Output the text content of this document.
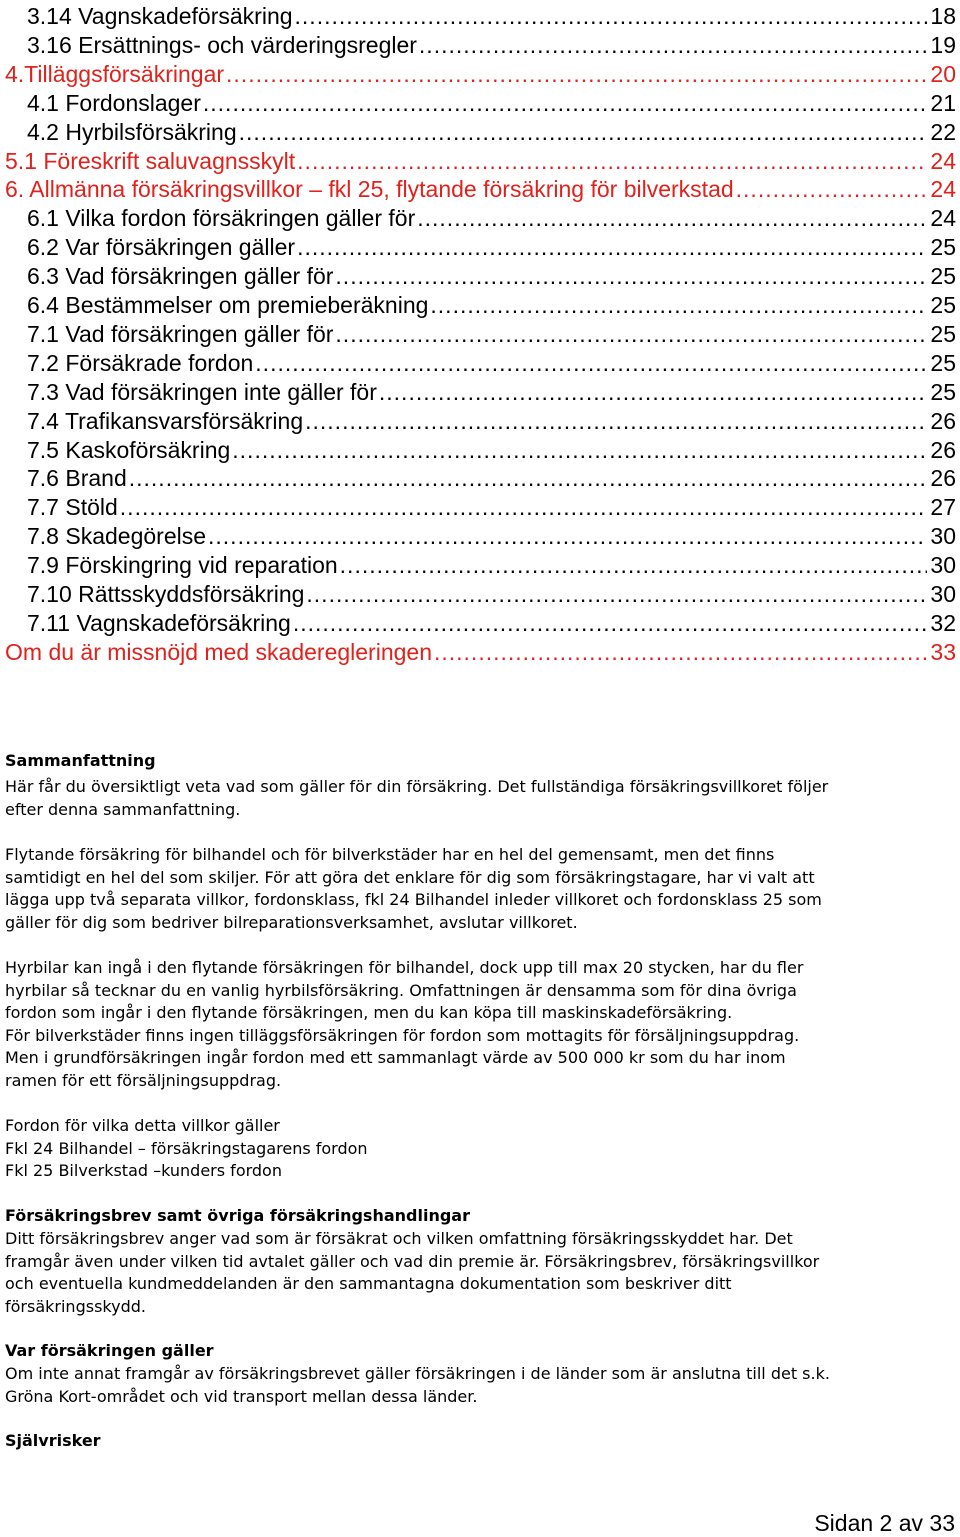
3.14 Vagnskadeförsäkring .....	18
3.16 Ersättnings- och värderingsregler .....	19
4.Tilläggsförsäkringar .....	20
4.1 Fordonslager .....	21
4.2 Hyrbilsförsäkring .....	22
5.1 Föreskrift saluvagnsskylt .....	24
6. Allmänna försäkringsvillkor – fkl 25, flytande försäkring för bilverkstad .....	24
6.1 Vilka fordon försäkringen gäller för .....	24
6.2 Var försäkringen gäller .....	25
6.3 Vad försäkringen gäller för .....	25
6.4 Bestämmelser om premieberäkning .....	25
7.1 Vad försäkringen gäller för .....	25
7.2 Försäkrade fordon .....	25
7.3 Vad försäkringen inte gäller för .....	25
7.4 Trafikansvarsförsäkring .....	26
7.5 Kaskoförsäkring .....	26
7.6 Brand .....	26
7.7 Stöld .....	27
7.8 Skadegörelse .....	30
7.9 Förskingring vid reparation .....	30
7.10 Rättsskyddsförsäkring .....	30
7.11 Vagnskadeförsäkring .....	32
Om du är missnöjd med skaderegleringen .....	33
Sammanfattning
Här får du översiktligt veta vad som gäller för din försäkring. Det fullständiga försäkringsvillkoret följer
efter denna sammanfattning.
Flytande försäkring för bilhandel och för bilverkstäder har en hel del gemensamt, men det finns
samtidigt en hel del som skiljer. För att göra det enklare för dig som försäkringstagare, har vi valt att
lägga upp två separata villkor, fordonsklass, fkl 24 Bilhandel inleder villkoret och fordonsklass 25 som
gäller för dig som bedriver bilreparationsverksamhet, avslutar villkoret.
Hyrbilar kan ingå i den flytande försäkringen för bilhandel, dock upp till max 20 stycken, har du fler
hyrbilar så tecknar du en vanlig hyrbilsförsäkring. Omfattningen är densamma som för dina övriga
fordon som ingår i den flytande försäkringen, men du kan köpa till maskinskadeförsäkring.
För bilverkstäder finns ingen tilläggsförsäkringen för fordon som mottagits för försäljningsuppdrag.
Men i grundförsäkringen ingår fordon med ett sammanlagt värde av 500 000 kr som du har inom
ramen för ett försäljningsuppdrag.
Fordon för vilka detta villkor gäller
Fkl 24 Bilhandel – försäkringstagarens fordon
Fkl 25 Bilverkstad –kunders fordon
Försäkringsbrev samt övriga försäkringshandlingar
Ditt försäkringsbrev anger vad som är försäkrat och vilken omfattning försäkringsskyddet har. Det
framgår även under vilken tid avtalet gäller och vad din premie är. Försäkringsbrev, försäkringsvillkor
och eventuella kundmeddelanden är den sammantagna dokumentation som beskriver ditt
försäkringsskydd.
Var försäkringen gäller
Om inte annat framgår av försäkringsbrevet gäller försäkringen i de länder som är anslutna till det s.k.
Gröna Kort-området och vid transport mellan dessa länder.
Självrisker
Sidan 2 av 33
